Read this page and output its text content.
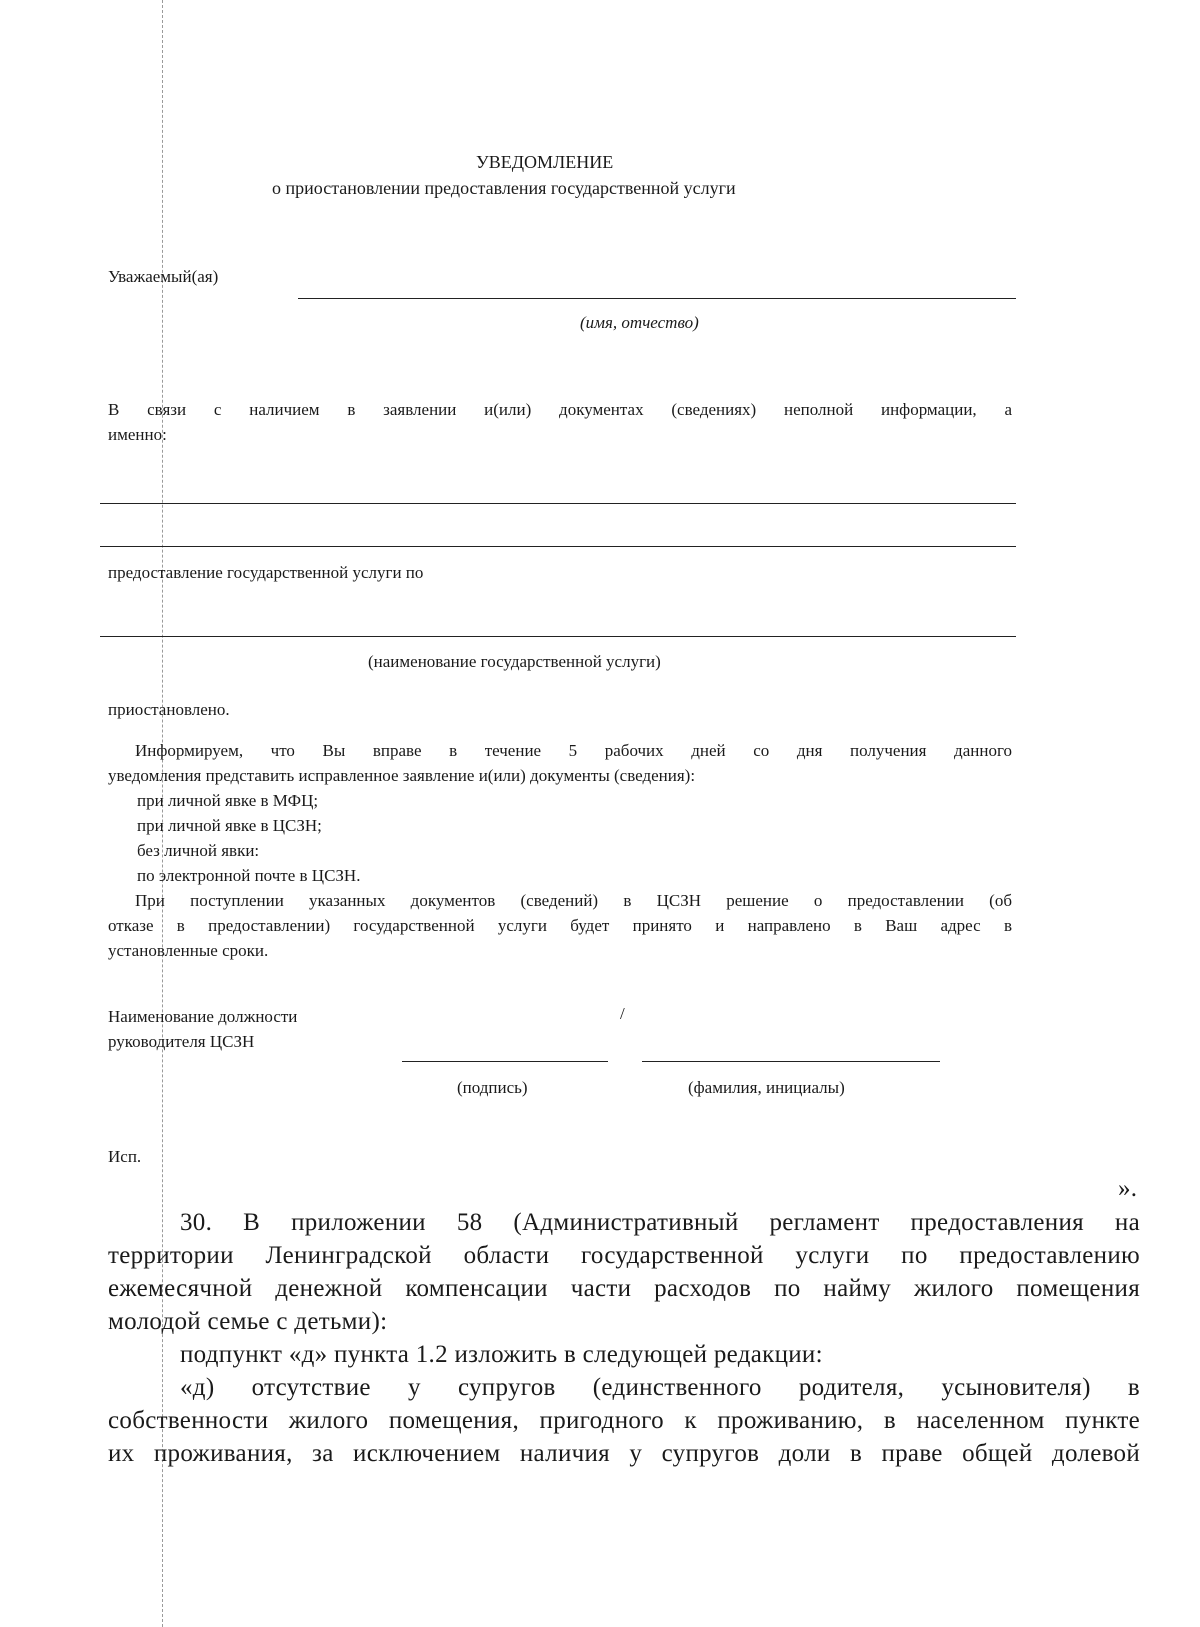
УВЕДОМЛЕНИЕ
о приостановлении предоставления государственной услуги
Уважаемый(ая)
(имя, отчество)
В связи с наличием в заявлении и(или) документах (сведениях) неполной информации, а
именно:
предоставление государственной услуги по
(наименование государственной услуги)
приостановлено.
Информируем, что Вы вправе в течение 5 рабочих дней со дня получения данного
уведомления представить исправленное заявление и(или) документы (сведения):
при личной явке в МФЦ;
при личной явке в ЦСЗН;
без личной явки:
по электронной почте в ЦСЗН.
При поступлении указанных документов (сведений) в ЦСЗН решение о предоставлении (об
отказе в предоставлении) государственной услуги будет принято и направлено в Ваш адрес в
установленные сроки.
Наименование должности
руководителя ЦСЗН
/
(подпись)	(фамилия, инициалы)
Исп.
».
30. В приложении 58 (Административный регламент предоставления на
территории Ленинградской области государственной услуги по предоставлению
ежемесячной денежной компенсации части расходов по найму жилого помещения
молодой семье с детьми):
подпункт «д» пункта 1.2 изложить в следующей редакции:
«д) отсутствие у супругов (единственного родителя, усыновителя) в
собственности жилого помещения, пригодного к проживанию, в населенном пункте
их проживания, за исключением наличия у супругов доли в праве общей долевой
